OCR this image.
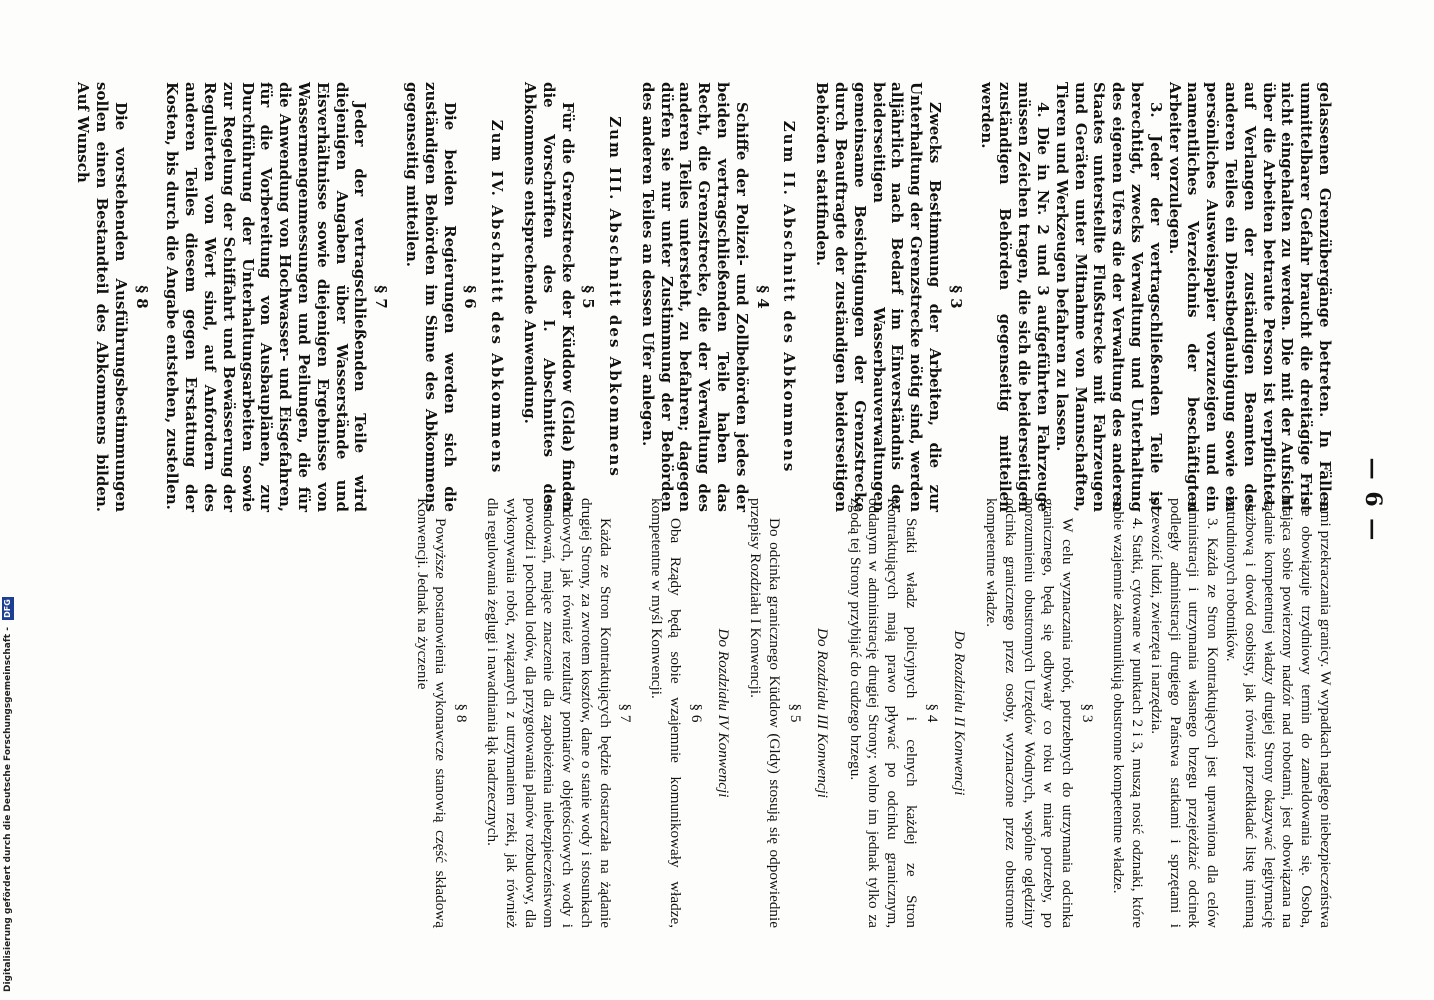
— 6 —

gelassenen Grenzübergänge betreten. In Fällen unmittelbarer Gefahr braucht die dreitägige Frist nicht eingehalten zu werden. Die mit der Aufsicht über die Arbeiten betraute Person ist verpflichtet, auf Verlangen der zuständigen Beamten des anderen Teiles ein Dienstbeglaubigung sowie ein persönliches Ausweispapier vorzuzeigen und ein namentliches Verzeichnis der beschäftigten Arbeiter vorzulegen.

3. Jeder der vertragschließenden Teile ist berechtigt, zwecks Verwaltung und Unterhaltung des eigenen Ufers die der Verwaltung des anderen Staates unterstellte Flußstrecke mit Fahrzeugen und Geräten unter Mitnahme von Mannschaften, Tieren und Werkzeugen befahren zu lassen.

4. Die in Nr. 2 und 3 aufgeführten Fahrzeuge müssen Zeichen tragen, die sich die beiderseitigen zuständigen Behörden gegenseitig mitteilen werden.

§ 3

Zwecks Bestimmung der Arbeiten, die zur Unterhaltung der Grenzstrecke nötig sind, werden alljährlich nach Bedarf im Einverständnis der beiderseitigen Wasserbauverwaltungen gemeinsame Besichtigungen der Grenzstrecke durch Beauftragte der zuständigen beiderseitigen Behörden stattfinden.

Zum II. Abschnitt des Abkommens
§ 4

Schiffe der Polizei- und Zollbehörden jedes der beiden vertragschließenden Teile haben das Recht, die Grenzstrecke, die der Verwaltung des anderen Teiles untersteht, zu befahren; dagegen dürfen sie nur unter Zustimmung der Behörden des anderen Teiles an dessen Ufer anlegen.

Zum III. Abschnitt des Abkommens
§ 5

Für die Grenzstrecke der Küddow (Glda) finden die Vorschriften des I. Abschnittes des Abkommens entsprechende Anwendung.

Zum IV. Abschnitt des Abkommens
§ 6

Die beiden Regierungen werden sich die zuständigen Behörden im Sinne des Abkommens gegenseitig mitteilen.

§ 7

Jeder der vertragschließenden Teile wird diejenigen Angaben über Wasserstände und Eisverhältnisse sowie diejenigen Ergebnisse von Wassermengenmessungen und Peilungen, die für die Anwendung von Hochwasser- und Eisgefahren, für die Vorbereitung von Ausbauplänen, zur Durchführung der Unterhaltungsarbeiten sowie zur Regelung der Schiffahrt und Bewässerung der Regulierten von Wert sind, auf Anfordern des anderen Teiles diesem gegen Erstattung der Kosten, bis durch die Angabe entstehen, zustellen.

§ 8

Die vorstehenden Ausführungsbestimmungen sollen einen Bestandteil des Abkommens bilden. Auf Wunsch

sami przekraczania granicy. W wypadkach naglego niebezpieczeństwa nie obowiązuje trzydniowy termin do zameldowania się. Osoba, mająca sobie powierzony nadzór nad robotami, jest obowiązana na żądanie kompetentnej władzy drugiej Strony okazywać legitymację służbową i dowód osobisty, jak również przedkładać listę imienną zatrudnionych robotników.

3. Każda ze Stron Kontraktujących jest uprawniona dla celów administracji i utrzymania własnego brzegu przejeżdżać odcinek podległy administracji drugiego Państwa statkami i sprzętami i przewozić ludzi, zwierzęta i narzędzia.

4. Statki, cytowane w punktach 2 i 3, muszą nosić odznaki, które sobie wzajemnie zakomunikują obustronne kompetentne władze.

§ 3

W celu wyznaczania robót, potrzebnych do utrzymania odcinka granicznego, będą się odbywały co roku w miarę potrzeby, po porozumieniu obustronnych Urzędów Wodnych, wspólne oględziny odcinka granicznego przez osoby, wyznaczone przez obustronne kompetentne władze.

Do Rozdziału II Konwencji
§ 4

Statki władz policyjnych i celnych każdej ze Stron Kontraktujących mają prawo pływać po odcinku granicznym, oddanym w administrację drugiej Strony; wolno im jednak tylko za zgodą tej Strony przybijać do cudzego brzegu.

Do Rozdziału III Konwencji
§ 5

Do odcinka granicznego Küddow (Gldy) stosują się odpowiednie przepisy Rozdziału I Konwencji.

Do Rozdziału IV Konwencji
§ 6

Oba Rządy będą sobie wzajemnie komunikowały władze, kompetentne w myśl Konwencji.

§ 7

Każda ze Stron Kontraktujących będzie dostarczała na żądanie drugiej Strony, za zwrotem kosztów, dane o stanie wody i stosunkach lodowych, jak również rezultaty pomiarów objętościowych wody i sondowań, mające znaczenie dla zapobieżenia niebezpieczeństwom powodzi i pochodu lodów, dla przygotowania planów rozbudowy, dla wykonywania robót, związanych z utrzymaniem rzeki, jak również dla regulowania żeglugi i nawadniania łąk nadrzecznych.

§ 8

Powyższe postanowienia wykonawcze stanowią część składową Konwencji. Jednak na życzenie

Digitalisierung gefördert durch die Deutsche Forschungsgemeinschaft - DFG
